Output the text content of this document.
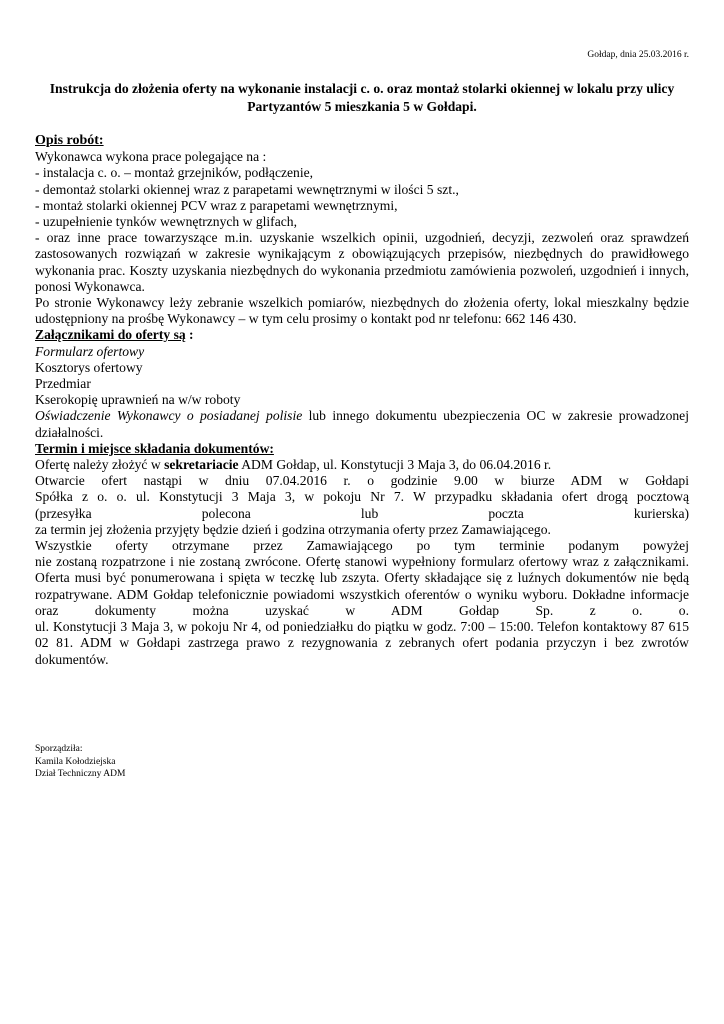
Gołdap, dnia 25.03.2016 r.
Instrukcja do złożenia oferty na wykonanie instalacji c. o. oraz montaż stolarki okiennej w lokalu przy ulicy Partyzantów 5 mieszkania 5 w Gołdapi.

Opis robót:

Wykonawca wykona prace polegające na :

- instalacja c. o. – montaż grzejników, podłączenie,

- demontaż stolarki okiennej wraz z parapetami wewnętrznymi w ilości 5 szt.,

- montaż stolarki okiennej PCV wraz z parapetami wewnętrznymi,

- uzupełnienie tynków wewnętrznych w glifach,

- oraz inne prace towarzyszące m.in. uzyskanie wszelkich opinii, uzgodnień, decyzji, zezwoleń oraz sprawdzeń zastosowanych rozwiązań w zakresie wynikającym z obowiązujących przepisów, niezbędnych do prawidłowego wykonania prac. Koszty uzyskania niezbędnych do wykonania przedmiotu zamówienia pozwoleń, uzgodnień i innych, ponosi Wykonawca.

Po stronie Wykonawcy leży zebranie wszelkich pomiarów, niezbędnych do złożenia oferty, lokal mieszkalny będzie udostępniony na prośbę Wykonawcy – w tym celu prosimy o kontakt pod nr telefonu: 662 146 430.

Załącznikami do oferty są :

Formularz ofertowy

Kosztorys ofertowy

Przedmiar

Kserokopię uprawnień na w/w roboty

Oświadczenie Wykonawcy o posiadanej polisie lub innego dokumentu ubezpieczenia OC w zakresie prowadzonej działalności.

Termin i miejsce składania dokumentów:

Ofertę należy złożyć w sekretariacie ADM Gołdap, ul. Konstytucji 3 Maja 3, do 06.04.2016 r.

Otwarcie ofert nastąpi w dniu 07.04.2016 r. o godzinie 9.00 w biurze ADM w Gołdapi

Spółka z o. o. ul. Konstytucji 3 Maja 3, w pokoju Nr 7. W przypadku składania ofert drogą pocztową

(przesyłka polecona lub poczta kurierska)

za termin jej złożenia przyjęty będzie dzień i godzina otrzymania oferty przez Zamawiającego.

Wszystkie oferty otrzymane przez Zamawiającego po tym terminie podanym powyżej

nie zostaną rozpatrzone i nie zostaną zwrócone. Ofertę stanowi wypełniony formularz ofertowy wraz z załącznikami. Oferta musi być ponumerowana i spięta w teczkę lub zszyta. Oferty składające się z luźnych dokumentów nie będą rozpatrywane. ADM Gołdap telefonicznie powiadomi wszystkich oferentów o wyniku wyboru. Dokładne informacje oraz dokumenty można uzyskać w ADM Gołdap Sp. z o. o.

ul. Konstytucji 3 Maja 3, w pokoju Nr 4, od poniedziałku do piątku w godz. 7:00 – 15:00. Telefon kontaktowy 87 615 02 81. ADM w Gołdapi zastrzega prawo z rezygnowania z zebranych ofert podania przyczyn i bez zwrotów dokumentów.

Sporządziła:

Kamila Kołodziejska

Dział Techniczny ADM
